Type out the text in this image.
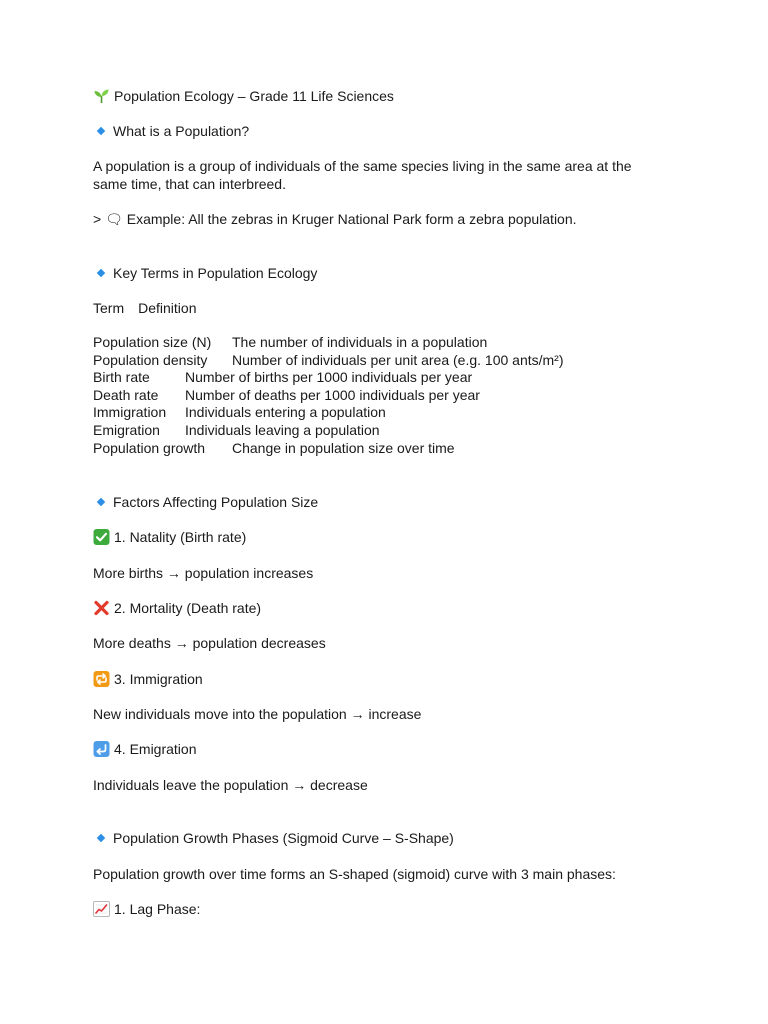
Population Ecology – Grade 11 Life Sciences
What is a Population?
A population is a group of individuals of the same species living in the same area at the same time, that can interbreed.
> 🗨 Example: All the zebras in Kruger National Park form a zebra population.
Key Terms in Population Ecology
Term Definition
Population size (N) The number of individuals in a population
Population density Number of individuals per unit area (e.g. 100 ants/m²)
Birth rate	Number of births per 1000 individuals per year
Death rate Number of deaths per 1000 individuals per year
Immigration Individuals entering a population
Emigration Individuals leaving a population
Population growth Change in population size over time
Factors Affecting Population Size
1. Natality (Birth rate)
More births → population increases
2. Mortality (Death rate)
More deaths → population decreases
3. Immigration
New individuals move into the population → increase
4. Emigration
Individuals leave the population → decrease
Population Growth Phases (Sigmoid Curve – S-Shape)
Population growth over time forms an S-shaped (sigmoid) curve with 3 main phases:
1. Lag Phase:
